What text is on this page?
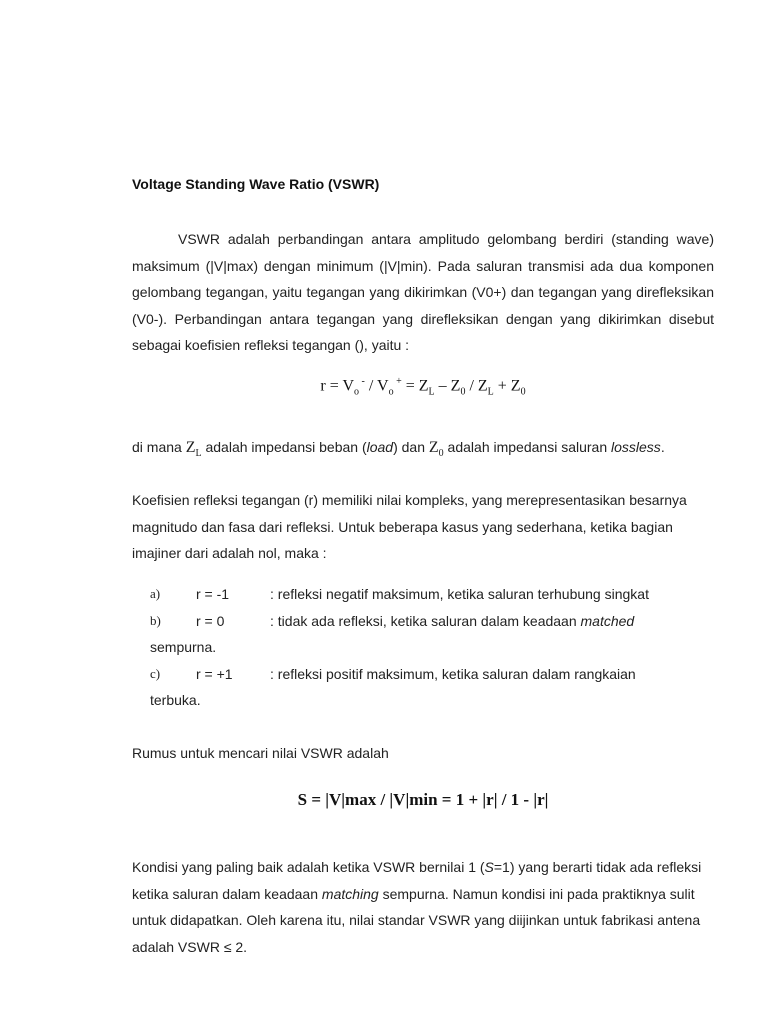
Voltage Standing Wave Ratio (VSWR)
VSWR adalah perbandingan antara amplitudo gelombang berdiri (standing wave) maksimum (|V|max) dengan minimum (|V|min). Pada saluran transmisi ada dua komponen gelombang tegangan, yaitu tegangan yang dikirimkan (V0+) dan tegangan yang direfleksikan (V0-). Perbandingan antara tegangan yang direfleksikan dengan yang dikirimkan disebut sebagai koefisien refleksi tegangan (), yaitu :
$r = V_o$ $^- / V_o$ $^+ = Z_L - Z_0 / Z_L + Z_0$
di mana $Z_L$ adalah impedansi beban (load) dan $Z_0$ adalah impedansi saluran lossless.
Koefisien refleksi tegangan (r) memiliki nilai kompleks, yang merepresentasikan besarnya magnitudo dan fasa dari refleksi. Untuk beberapa kasus yang sederhana, ketika bagian imajiner dari adalah nol, maka :
a)	r = -1	: refleksi negatif maksimum, ketika saluran terhubung singkat
b)	r = 0	: tidak ada refleksi, ketika saluran dalam keadaan matched
sempurna.
c)	r = +1	: refleksi positif maksimum, ketika saluran dalam rangkaian
terbuka.
Rumus untuk mencari nilai VSWR adalah
S = |V|max / |V|min = 1 + |r| / 1 - |r|
Kondisi yang paling baik adalah ketika VSWR bernilai 1 (S=1) yang berarti tidak ada refleksi ketika saluran dalam keadaan matching sempurna. Namun kondisi ini pada praktiknya sulit untuk didapatkan. Oleh karena itu, nilai standar VSWR yang diijinkan untuk fabrikasi antena adalah VSWR ≤ 2.
